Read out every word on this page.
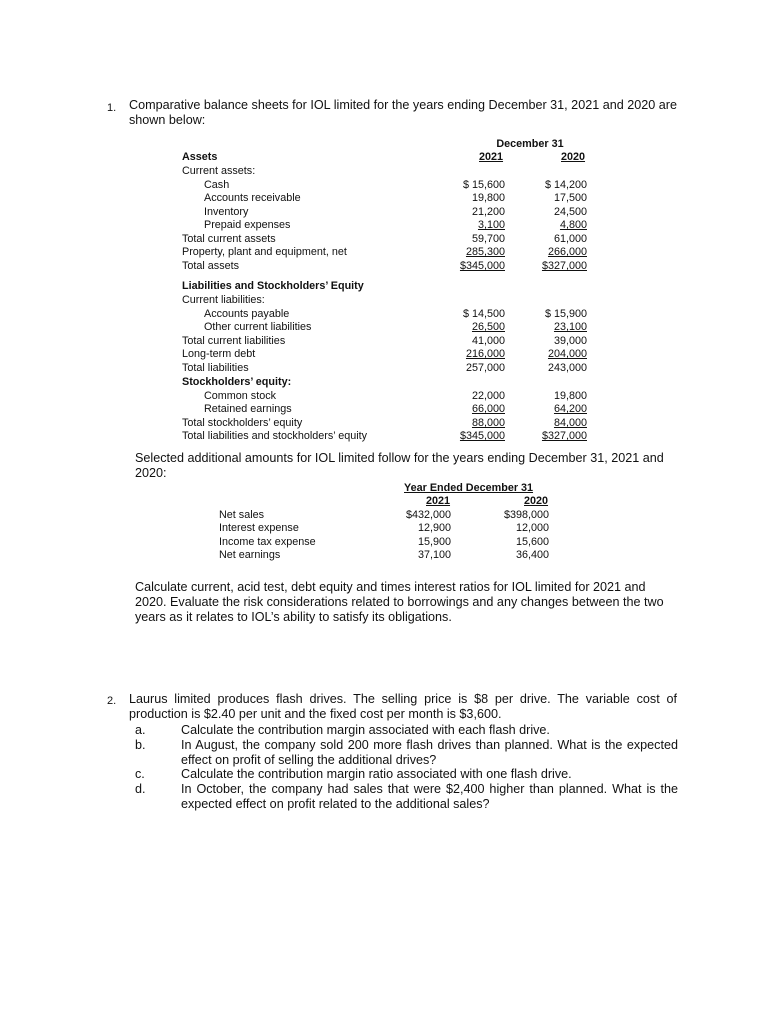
1. Comparative balance sheets for IOL limited for the years ending December 31, 2021 and 2020 are shown below:
December 31
Assets	2021	2020
Current assets:
Cash	$ 15,600	$ 14,200
Accounts receivable	19,800	17,500
Inventory	21,200	24,500
Prepaid expenses	3,100	4,800
Total current assets	59,700	61,000
Property, plant and equipment, net	285,300	266,000
Total assets	$345,000	$327,000
Liabilities and Stockholders’ Equity
Current liabilities:
Accounts payable	$ 14,500	$ 15,900
Other current liabilities	26,500	23,100
Total current liabilities	41,000	39,000
Long-term debt	216,000	204,000
Total liabilities	257,000	243,000
Stockholders’ equity:
Common stock	22,000	19,800
Retained earnings	66,000	64,200
Total stockholders’ equity	88,000	84,000
Total liabilities and stockholders’ equity	$345,000	$327,000
Selected additional amounts for IOL limited follow for the years ending December 31, 2021 and 2020:
Year Ended December 31
2021	2020
Net sales	$432,000	$398,000
Interest expense	12,900	12,000
Income tax expense	15,900	15,600
Net earnings	37,100	36,400
Calculate current, acid test, debt equity and times interest ratios for IOL limited for 2021 and 2020. Evaluate the risk considerations related to borrowings and any changes between the two years as it relates to IOL’s ability to satisfy its obligations.
2. Laurus limited produces flash drives. The selling price is $8 per drive. The variable cost of production is $2.40 per unit and the fixed cost per month is $3,600.
a.	Calculate the contribution margin associated with each flash drive.
b.	In August, the company sold 200 more flash drives than planned. What is the expected effect on profit of selling the additional drives?
c.	Calculate the contribution margin ratio associated with one flash drive.
d.	In October, the company had sales that were $2,400 higher than planned. What is the expected effect on profit related to the additional sales?
